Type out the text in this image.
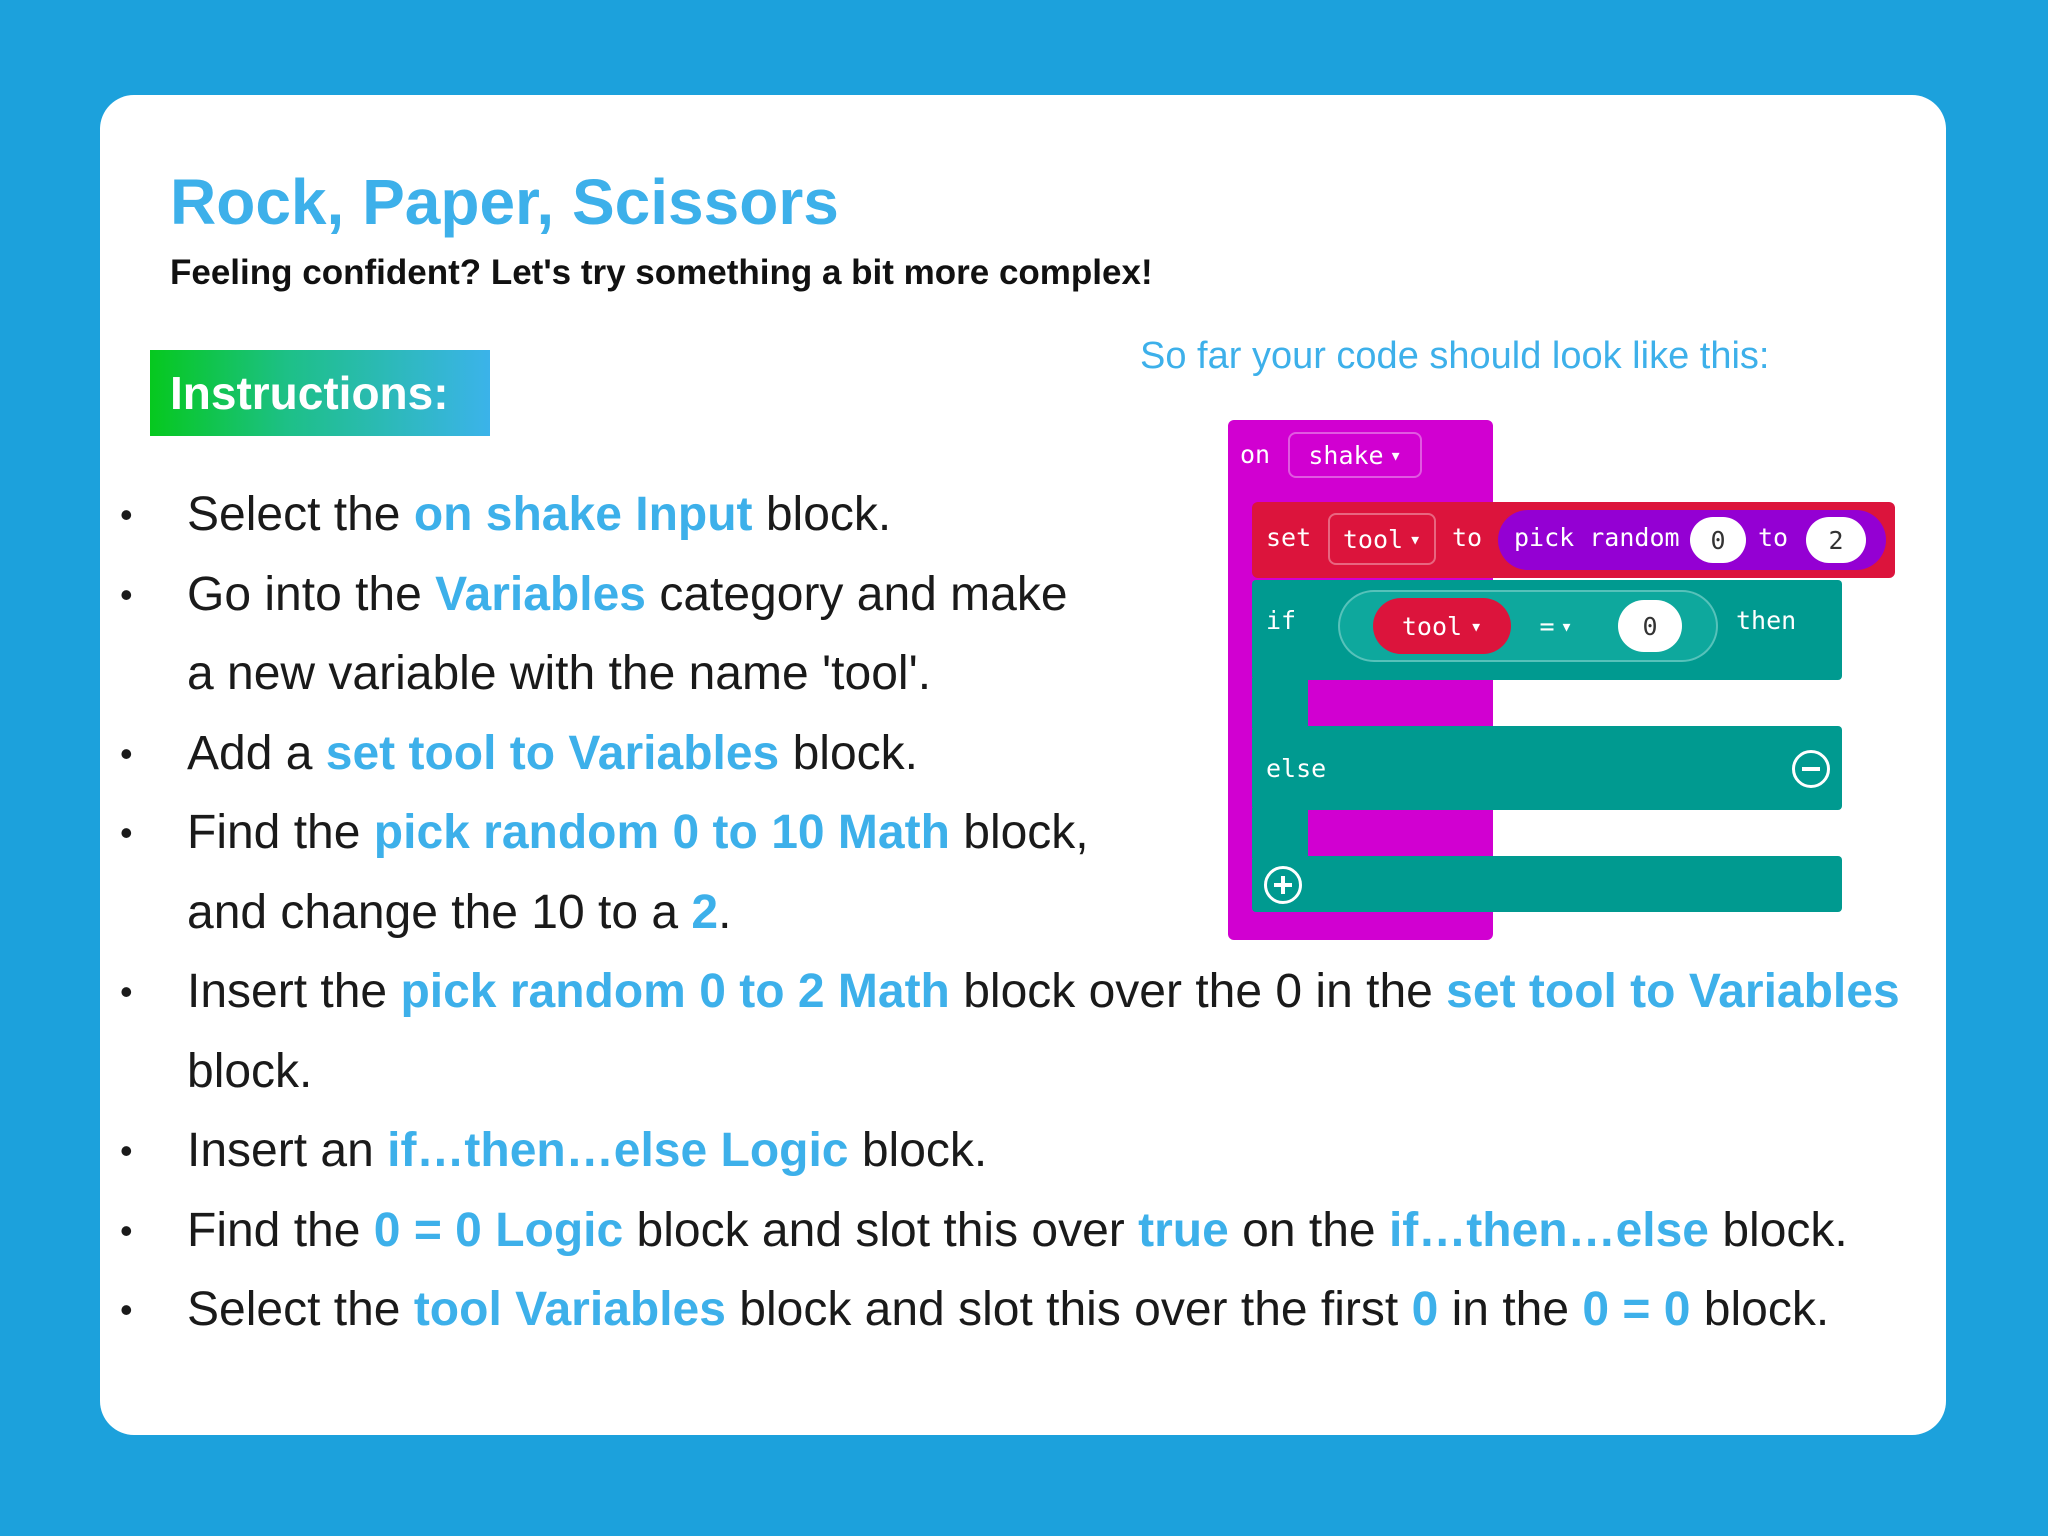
Rock, Paper, Scissors

Feeling confident? Let's try something a bit more complex!

Instructions:

So far your code should look like this:

on shake ▾
set tool ▾ to pick random 0 to 2
if	tool ▾ = ▾	0	then
else
• Select the on shake Input block.
• Go into the Variables category and make a new variable with the name 'tool'.
• Add a set tool to Variables block.
• Find the pick random 0 to 10 Math block, and change the 10 to a 2.
• Insert the pick random 0 to 2 Math block over the 0 in the set tool to Variables block.
• Insert an if…then…else Logic block.
• Find the 0 = 0 Logic block and slot this over true on the if…then…else block.
• Select the tool Variables block and slot this over the first 0 in the 0 = 0 block.
